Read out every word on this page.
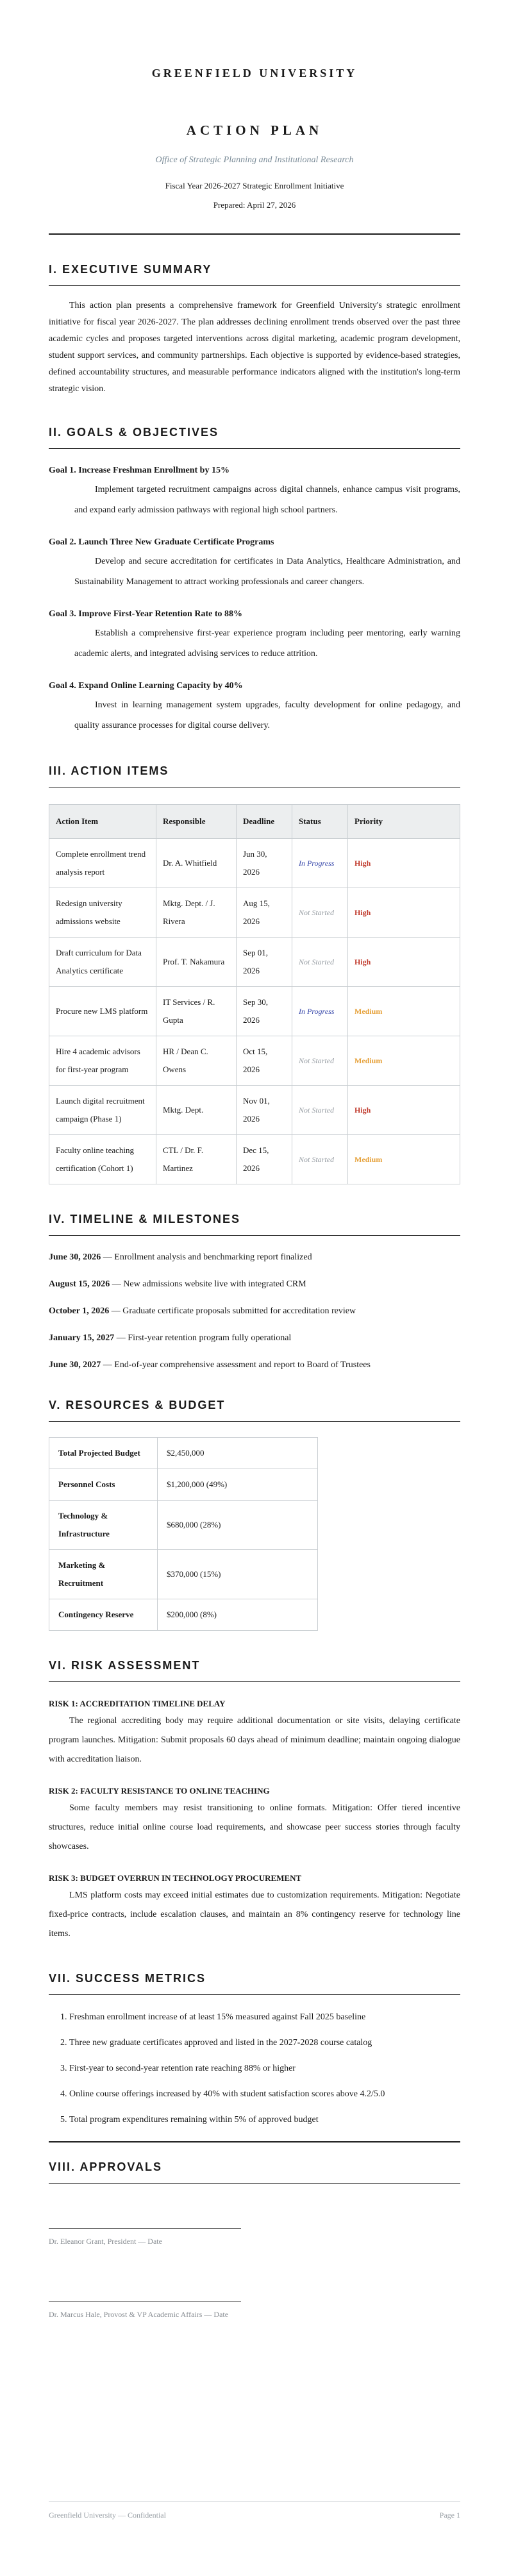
GREENFIELD UNIVERSITY
ACTION PLAN
Office of Strategic Planning and Institutional Research
Fiscal Year 2026-2027 Strategic Enrollment Initiative
Prepared: April 27, 2026
I. EXECUTIVE SUMMARY

This action plan presents a comprehensive framework for Greenfield University's strategic enrollment initiative for fiscal year 2026-2027. The plan addresses declining enrollment trends observed over the past three academic cycles and proposes targeted interventions across digital marketing, academic program development, student support services, and community partnerships. Each objective is supported by evidence-based strategies, defined accountability structures, and measurable performance indicators aligned with the institution's long-term strategic vision.

II. GOALS & OBJECTIVES
Goal 1. Increase Freshman Enrollment by 15%
Implement targeted recruitment campaigns across digital channels, enhance campus visit programs, and expand early admission pathways with regional high school partners.
Goal 2. Launch Three New Graduate Certificate Programs
Develop and secure accreditation for certificates in Data Analytics, Healthcare Administration, and Sustainability Management to attract working professionals and career changers.
Goal 3. Improve First-Year Retention Rate to 88%
Establish a comprehensive first-year experience program including peer mentoring, early warning academic alerts, and integrated advising services to reduce attrition.
Goal 4. Expand Online Learning Capacity by 40%
Invest in learning management system upgrades, faculty development for online pedagogy, and quality assurance processes for digital course delivery.
III. ACTION ITEMS
Action Item	Responsible	Deadline	Status	Priority
Complete enrollment trend analysis report	Dr. A. Whitfield	Jun 30, 2026	In Progress	High
Redesign university admissions website	Mktg. Dept. / J. Rivera	Aug 15, 2026	Not Started	High
Draft curriculum for Data Analytics certificate	Prof. T. Nakamura	Sep 01, 2026	Not Started	High
Procure new LMS platform	IT Services / R. Gupta	Sep 30, 2026	In Progress	Medium
Hire 4 academic advisors for first-year program	HR / Dean C. Owens	Oct 15, 2026	Not Started	Medium
Launch digital recruitment campaign (Phase 1)	Mktg. Dept.	Nov 01, 2026	Not Started	High
Faculty online teaching certification (Cohort 1)	CTL / Dr. F. Martinez	Dec 15, 2026	Not Started	Medium
IV. TIMELINE & MILESTONES
June 30, 2026 — Enrollment analysis and benchmarking report finalized
August 15, 2026 — New admissions website live with integrated CRM
October 1, 2026 — Graduate certificate proposals submitted for accreditation review
January 15, 2027 — First-year retention program fully operational
June 30, 2027 — End-of-year comprehensive assessment and report to Board of Trustees
V. RESOURCES & BUDGET
Total Projected Budget	$2,450,000
Personnel Costs	$1,200,000 (49%)
Technology & Infrastructure	$680,000 (28%)
Marketing & Recruitment	$370,000 (15%)
Contingency Reserve	$200,000 (8%)
VI. RISK ASSESSMENT
RISK 1: ACCREDITATION TIMELINE DELAY
The regional accrediting body may require additional documentation or site visits, delaying certificate program launches. Mitigation: Submit proposals 60 days ahead of minimum deadline; maintain ongoing dialogue with accreditation liaison.
RISK 2: FACULTY RESISTANCE TO ONLINE TEACHING
Some faculty members may resist transitioning to online formats. Mitigation: Offer tiered incentive structures, reduce initial online course load requirements, and showcase peer success stories through faculty showcases.
RISK 3: BUDGET OVERRUN IN TECHNOLOGY PROCUREMENT
LMS platform costs may exceed initial estimates due to customization requirements. Mitigation: Negotiate fixed-price contracts, include escalation clauses, and maintain an 8% contingency reserve for technology line items.
VII. SUCCESS METRICS
1. Freshman enrollment increase of at least 15% measured against Fall 2025 baseline
2. Three new graduate certificates approved and listed in the 2027-2028 course catalog
3. First-year to second-year retention rate reaching 88% or higher
4. Online course offerings increased by 40% with student satisfaction scores above 4.2/5.0
5. Total program expenditures remaining within 5% of approved budget
VIII. APPROVALS
Dr. Eleanor Grant, President — Date
Dr. Marcus Hale, Provost & VP Academic Affairs — Date
Greenfield University — Confidential	Page 1
